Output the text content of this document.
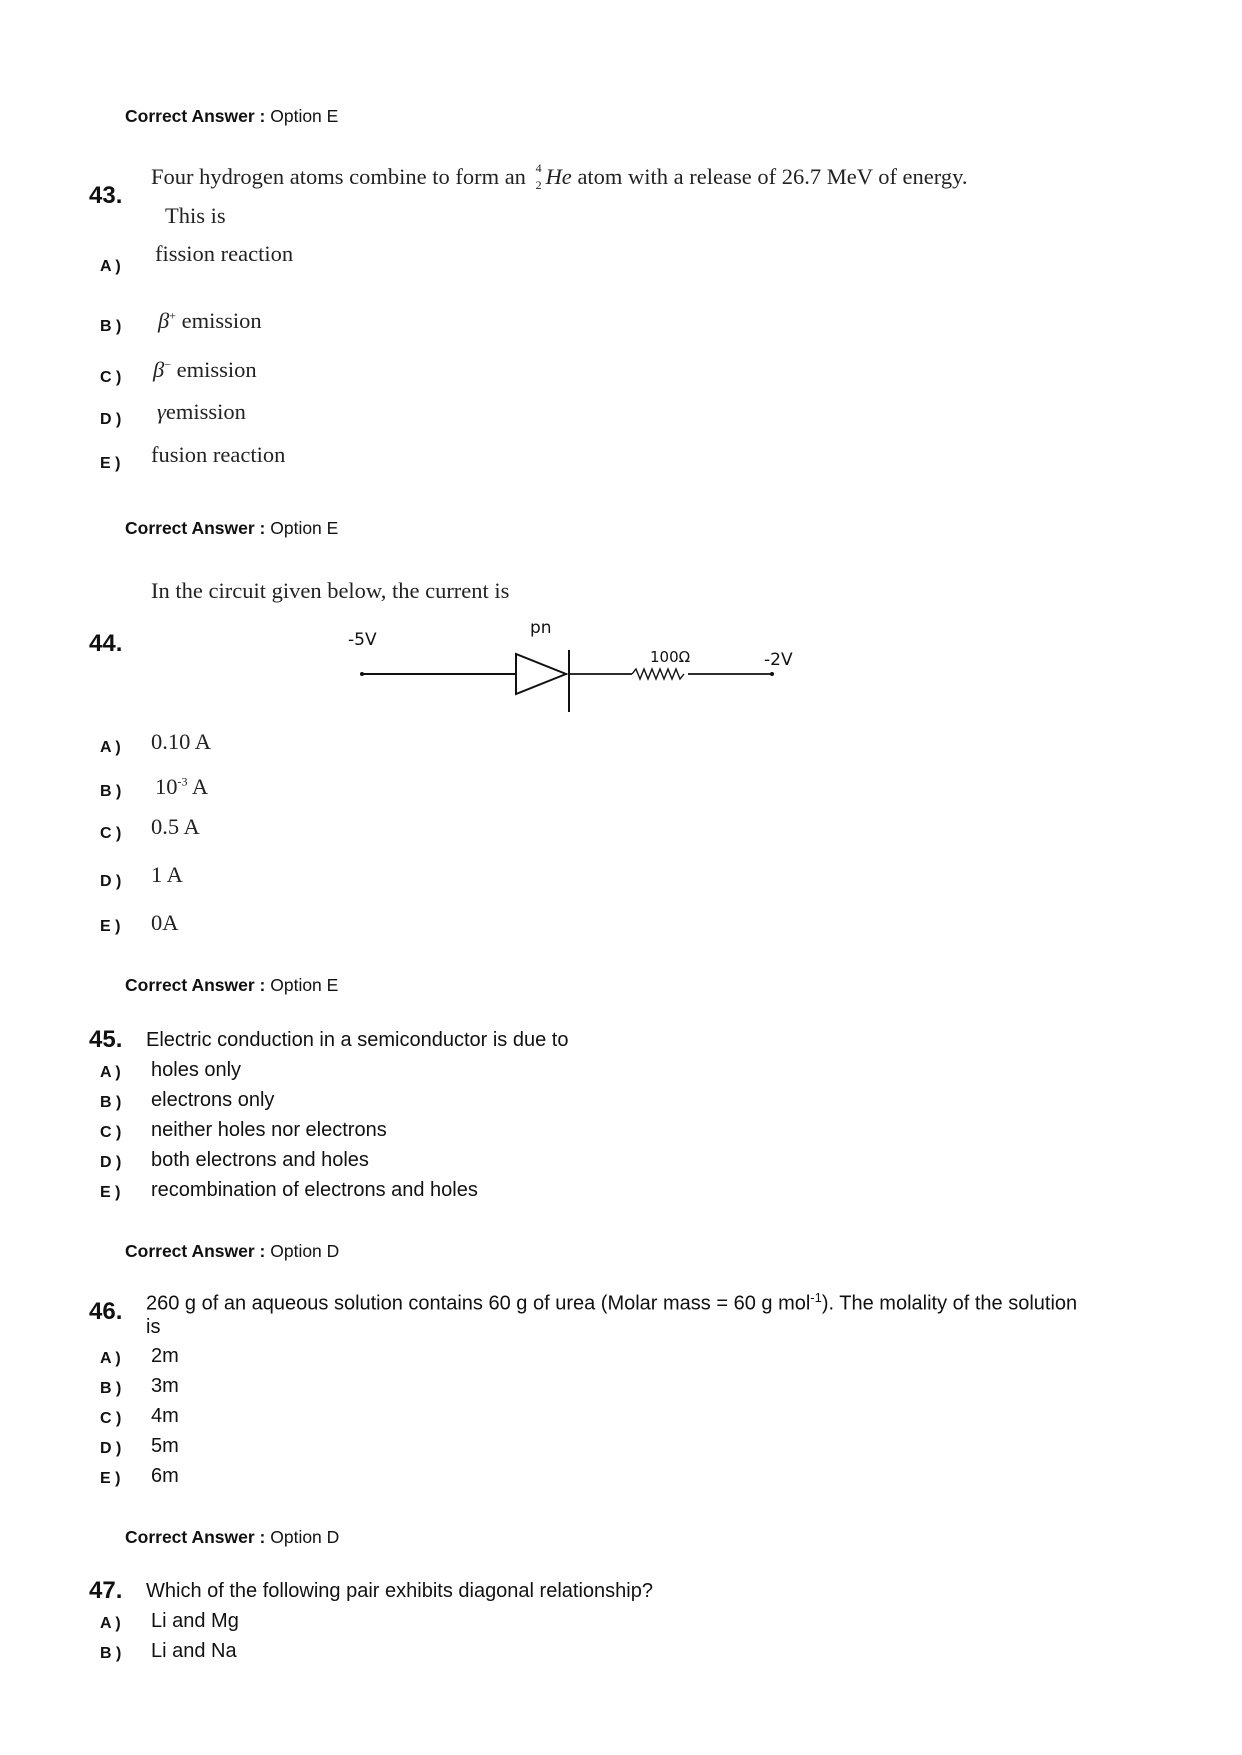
Correct Answer : Option E
43.
Four hydrogen atoms combine to form an 4
2 He atom with a release of 26.7 MeV of energy.
This is
A )
fission reaction
B ) β+ emission
C ) β− emission
D ) γemission
E ) fusion reaction
Correct Answer : Option E
In the circuit given below, the current is
44.	-5V
pn
100Ω	-2V
A ) 0.10 A
B ) $10^{-3}$ A
C ) 0.5 A
D ) 1 A
E ) 0A
Correct Answer : Option E
45. Electric conduction in a semiconductor is due to
A ) holes only
B ) electrons only
C ) neither holes nor electrons
D ) both electrons and holes
E ) recombination of electrons and holes
Correct Answer : Option D
46. 260 g of an aqueous solution contains 60 g of urea (Molar mass = 60 g mol$^{-1}$). The molality of the solution
is
A ) 2m
B ) 3m
C ) 4m
D ) 5m
E ) 6m
Correct Answer : Option D
47. Which of the following pair exhibits diagonal relationship?
A ) Li and Mg
B ) Li and Na
